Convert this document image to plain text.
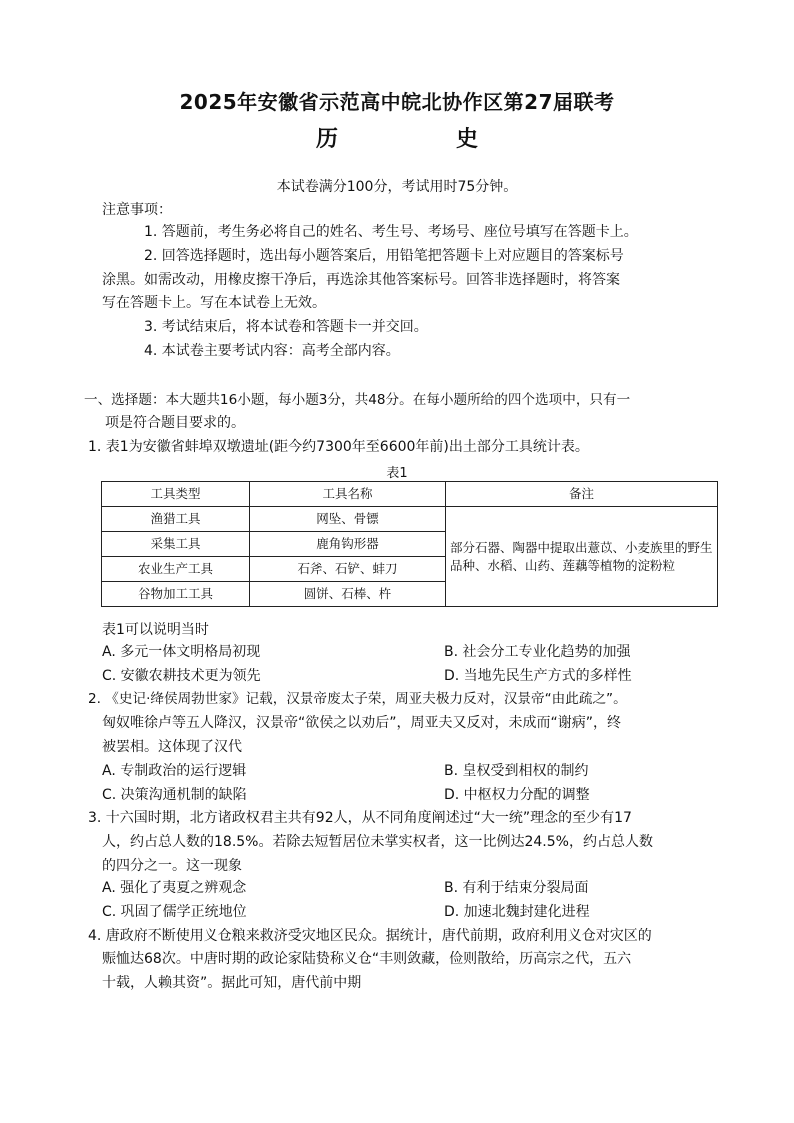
2025年安徽省示范高中皖北协作区第27届联考
历	史
本试卷满分100分，考试用时75分钟。
注意事项：
1. 答题前，考生务必将自己的姓名、考生号、考场号、座位号填写在答题卡上。
2. 回答选择题时，选出每小题答案后，用铅笔把答题卡上对应题目的答案标号
涂黑。如需改动，用橡皮擦干净后，再选涂其他答案标号。回答非选择题时，将答案
写在答题卡上。写在本试卷上无效。
3. 考试结束后，将本试卷和答题卡一并交回。
4. 本试卷主要考试内容：高考全部内容。
一、选择题：本大题共16小题，每小题3分，共48分。在每小题所给的四个选项中，只有一
项是符合题目要求的。
1. 表1为安徽省蚌埠双墩遗址(距今约7300年至6600年前)出土部分工具统计表。
表1
工具类型	工具名称	备注
渔猎工具	网坠、骨镖	部分石器、陶器中提取出薏苡、小麦族里的野生品种、水稻、山药、莲藕等植物的淀粉粒
采集工具	鹿角钩形器	
农业生产工具	石斧、石铲、蚌刀	
谷物加工工具	圆饼、石棒、杵	
表1可以说明当时
A. 多元一体文明格局初现	B. 社会分工专业化趋势的加强
C. 安徽农耕技术更为领先	D. 当地先民生产方式的多样性
2. 《史记·绛侯周勃世家》记载，汉景帝废太子荣，周亚夫极力反对，汉景帝“由此疏之”。
匈奴唯徐卢等五人降汉，汉景帝“欲侯之以劝后”，周亚夫又反对，未成而“谢病”，终
被罢相。这体现了汉代
A. 专制政治的运行逻辑	B. 皇权受到相权的制约
C. 决策沟通机制的缺陷	D. 中枢权力分配的调整
3. 十六国时期，北方诸政权君主共有92人，从不同角度阐述过“大一统”理念的至少有17
人，约占总人数的18.5%。若除去短暂居位未掌实权者，这一比例达24.5%，约占总人数
的四分之一。这一现象
A. 强化了夷夏之辨观念	B. 有利于结束分裂局面
C. 巩固了儒学正统地位	D. 加速北魏封建化进程
4. 唐政府不断使用义仓粮来救济受灾地区民众。据统计，唐代前期，政府利用义仓对灾区的
赈恤达68次。中唐时期的政论家陆贽称义仓“丰则敛藏，俭则散给，历高宗之代，五六
十载，人赖其资”。据此可知，唐代前中期
